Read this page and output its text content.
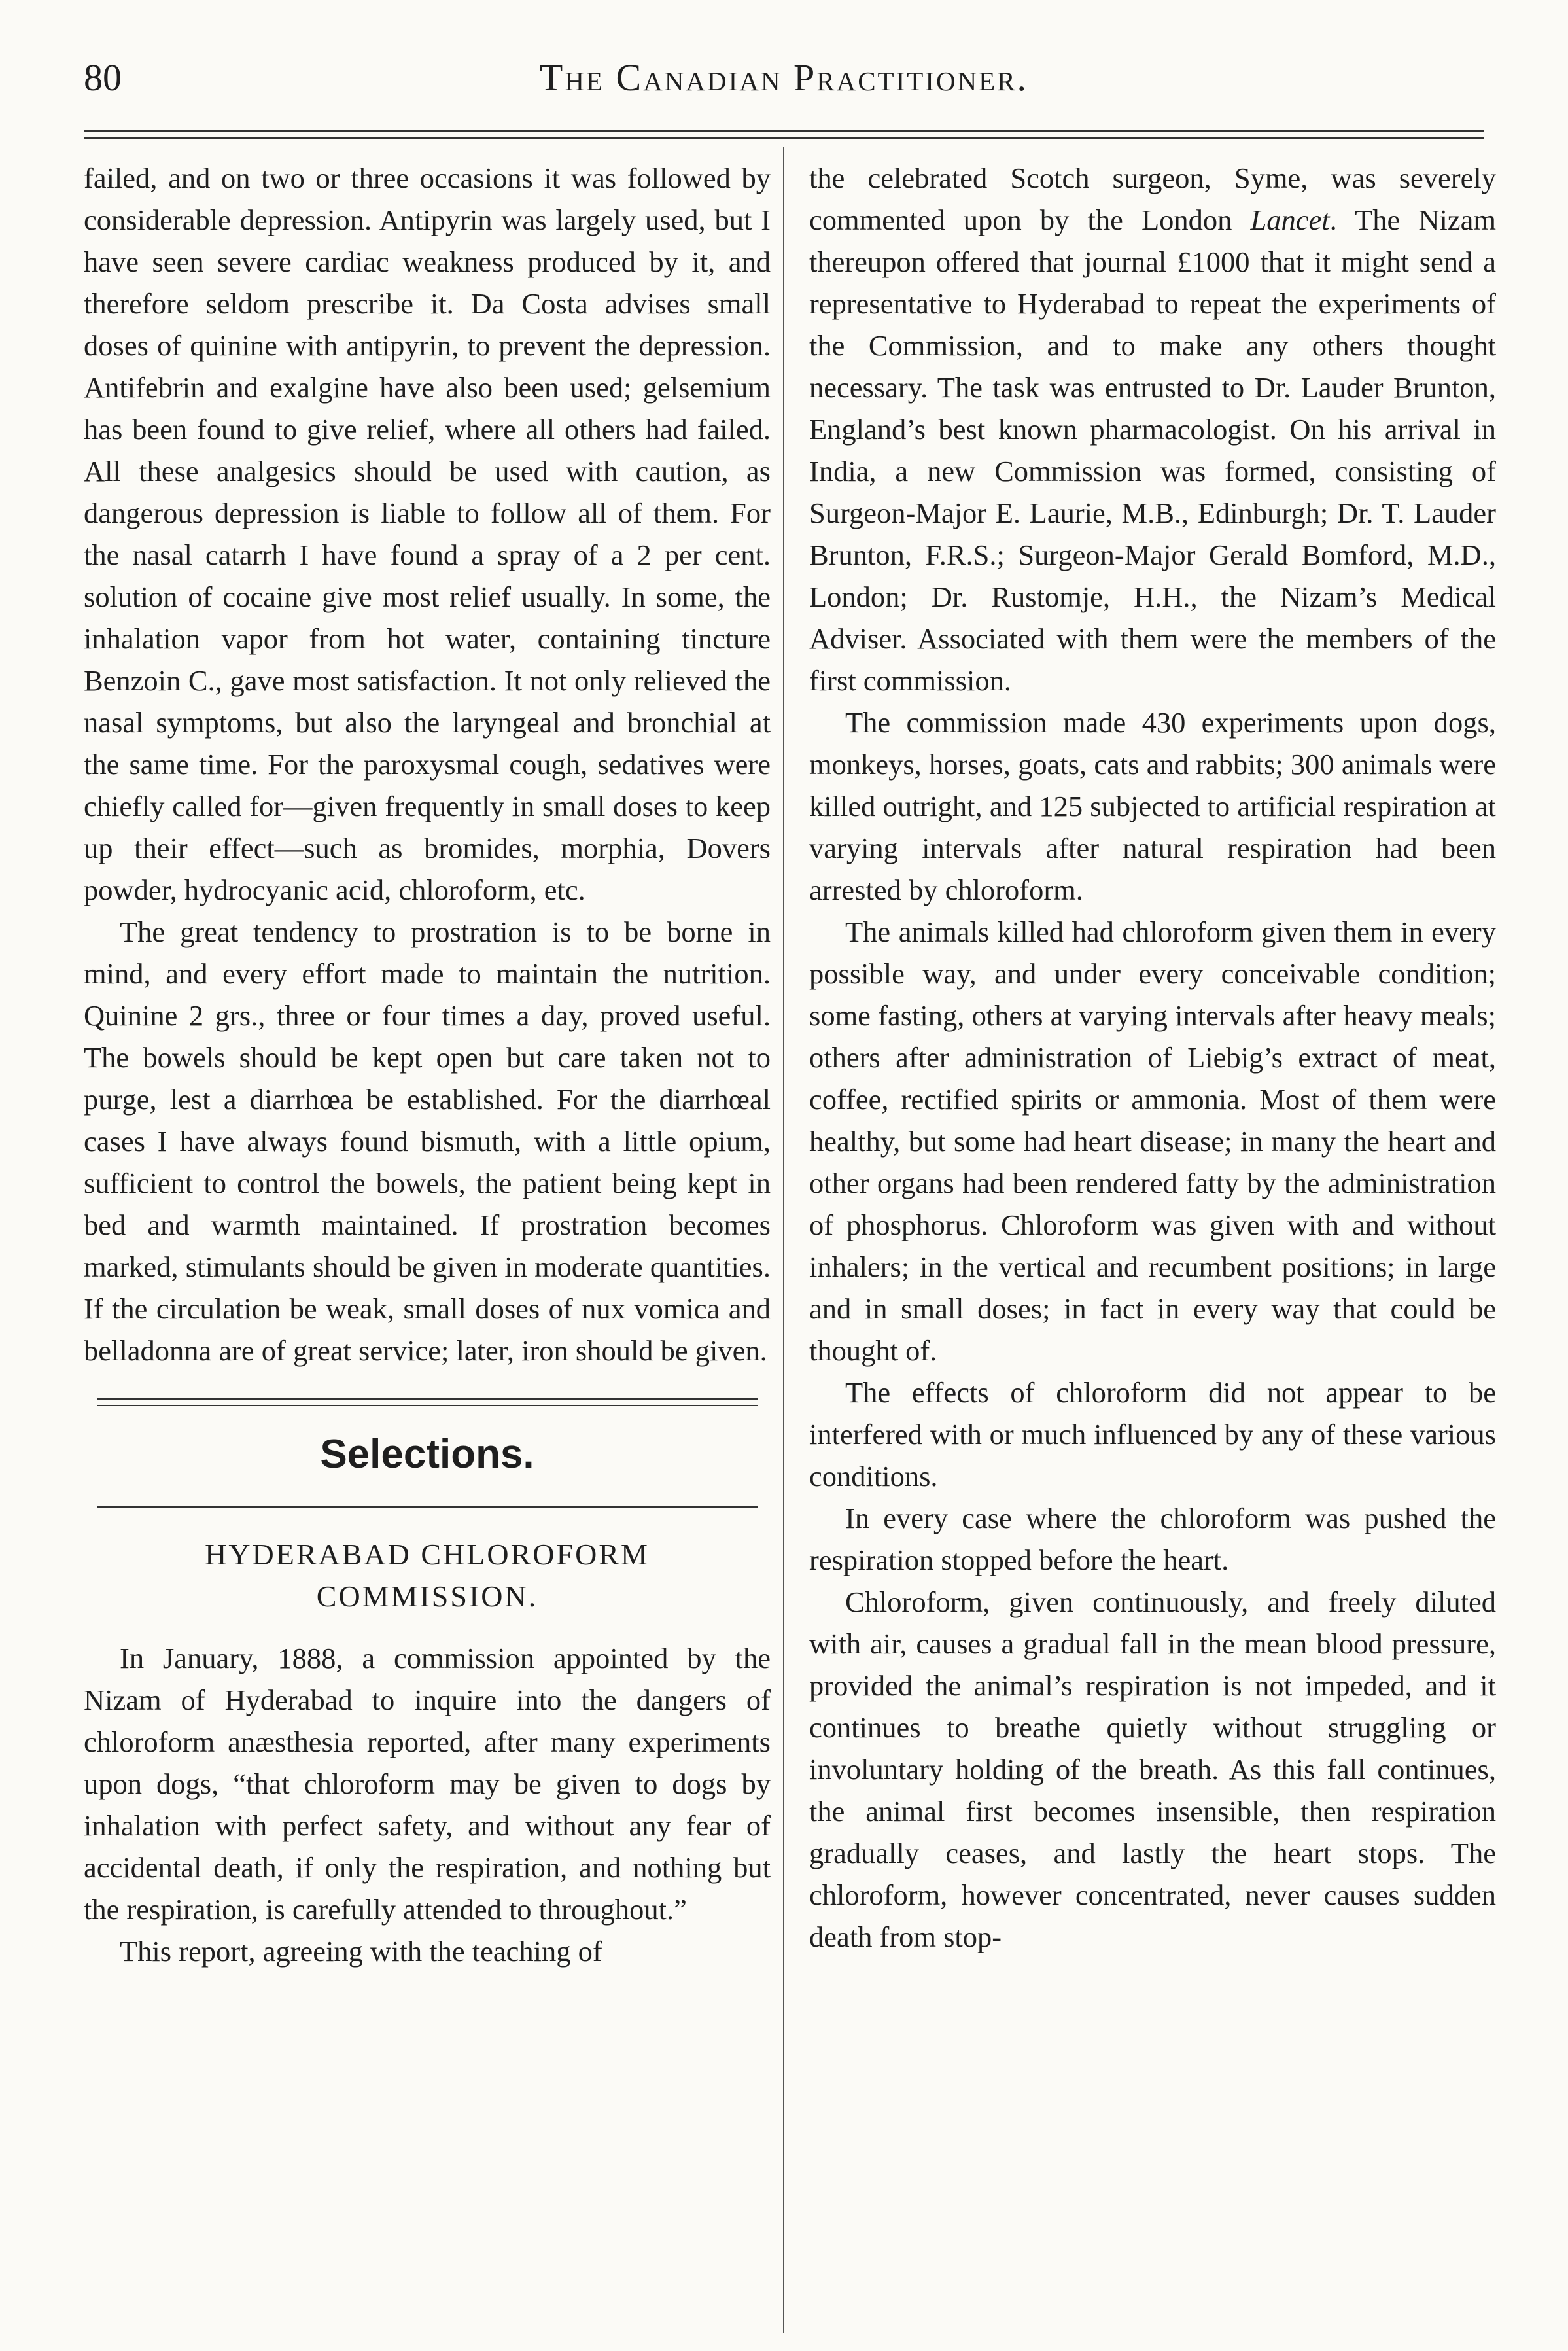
80	The Canadian Practitioner.

failed, and on two or three occasions it was followed by considerable depression. Antipyrin was largely used, but I have seen severe cardiac weakness produced by it, and therefore seldom prescribe it. Da Costa advises small doses of quinine with antipyrin, to prevent the depression. Antifebrin and exalgine have also been used; gelsemium has been found to give relief, where all others had failed. All these analgesics should be used with caution, as dangerous depression is liable to follow all of them. For the nasal catarrh I have found a spray of a 2 per cent. solution of cocaine give most relief usually. In some, the inhalation vapor from hot water, containing tincture Benzoin C., gave most satisfaction. It not only relieved the nasal symptoms, but also the laryngeal and bronchial at the same time. For the paroxysmal cough, sedatives were chiefly called for—given frequently in small doses to keep up their effect—such as bromides, morphia, Dovers powder, hydrocyanic acid, chloroform, etc.

The great tendency to prostration is to be borne in mind, and every effort made to maintain the nutrition. Quinine 2 grs., three or four times a day, proved useful. The bowels should be kept open but care taken not to purge, lest a diarrhœa be established. For the diarrhœal cases I have always found bismuth, with a little opium, sufficient to control the bowels, the patient being kept in bed and warmth maintained. If prostration becomes marked, stimulants should be given in moderate quantities. If the circulation be weak, small doses of nux vomica and belladonna are of great service; later, iron should be given.

Selections.
HYDERABAD CHLOROFORM COMMISSION.

In January, 1888, a commission appointed by the Nizam of Hyderabad to inquire into the dangers of chloroform anæsthesia reported, after many experiments upon dogs, “that chloroform may be given to dogs by inhalation with perfect safety, and without any fear of accidental death, if only the respiration, and nothing but the respiration, is carefully attended to throughout.”

This report, agreeing with the teaching of

the celebrated Scotch surgeon, Syme, was severely commented upon by the London Lancet. The Nizam thereupon offered that journal £1000 that it might send a representative to Hyderabad to repeat the experiments of the Commission, and to make any others thought necessary. The task was entrusted to Dr. Lauder Brunton, England’s best known pharmacologist. On his arrival in India, a new Commission was formed, consisting of Surgeon-Major E. Laurie, M.B., Edinburgh; Dr. T. Lauder Brunton, F.R.S.; Surgeon-Major Gerald Bomford, M.D., London; Dr. Rustomje, H.H., the Nizam’s Medical Adviser. Associated with them were the members of the first commission.

The commission made 430 experiments upon dogs, monkeys, horses, goats, cats and rabbits; 300 animals were killed outright, and 125 subjected to artificial respiration at varying intervals after natural respiration had been arrested by chloroform.

The animals killed had chloroform given them in every possible way, and under every conceivable condition; some fasting, others at varying intervals after heavy meals; others after administration of Liebig’s extract of meat, coffee, rectified spirits or ammonia. Most of them were healthy, but some had heart disease; in many the heart and other organs had been rendered fatty by the administration of phosphorus. Chloroform was given with and without inhalers; in the vertical and recumbent positions; in large and in small doses; in fact in every way that could be thought of.

The effects of chloroform did not appear to be interfered with or much influenced by any of these various conditions.

In every case where the chloroform was pushed the respiration stopped before the heart.

Chloroform, given continuously, and freely diluted with air, causes a gradual fall in the mean blood pressure, provided the animal’s respiration is not impeded, and it continues to breathe quietly without struggling or involuntary holding of the breath. As this fall continues, the animal first becomes insensible, then respiration gradually ceases, and lastly the heart stops. The chloroform, however concentrated, never causes sudden death from stop-
